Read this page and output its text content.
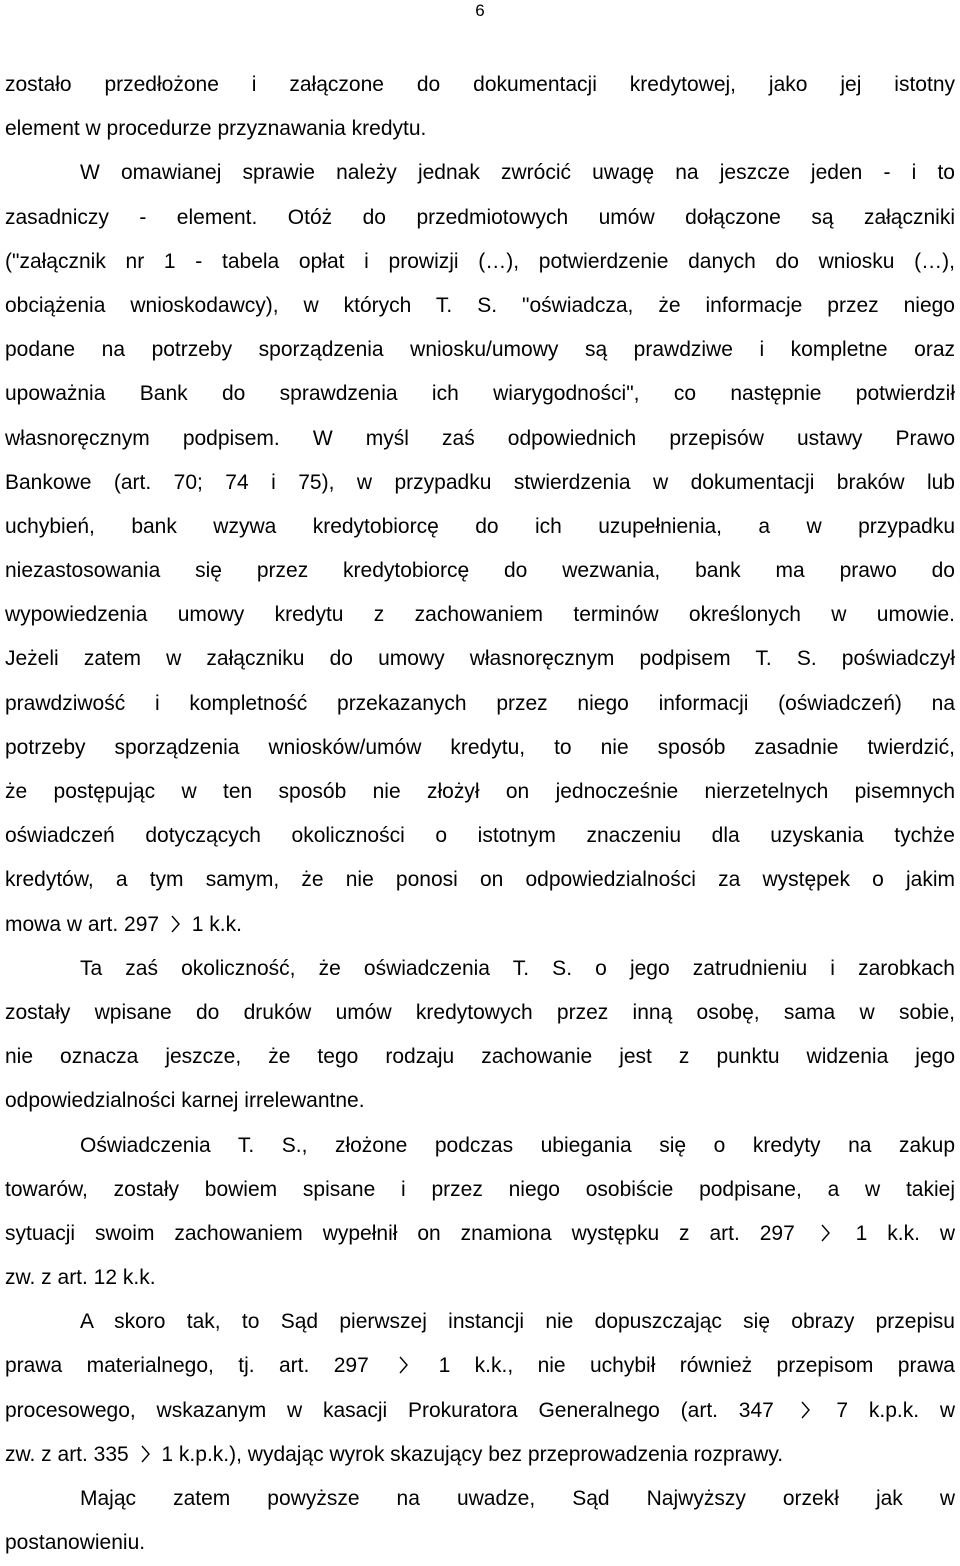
6
zostało przedłożone i załączone do dokumentacji kredytowej, jako jej istotny
element w procedurze przyznawania kredytu.
W omawianej sprawie należy jednak zwrócić uwagę na jeszcze jeden - i to
zasadniczy - element. Otóż do przedmiotowych umów dołączone są załączniki
("załącznik nr 1 - tabela opłat i prowizji (…), potwierdzenie danych do wniosku (…),
obciążenia wnioskodawcy), w których T. S. "oświadcza, że informacje przez niego
podane na potrzeby sporządzenia wniosku/umowy są prawdziwe i kompletne oraz
upoważnia Bank do sprawdzenia ich wiarygodności", co następnie potwierdził
własnoręcznym podpisem. W myśl zaś odpowiednich przepisów ustawy Prawo
Bankowe (art. 70; 74 i 75), w przypadku stwierdzenia w dokumentacji braków lub
uchybień, bank wzywa kredytobiorcę do ich uzupełnienia, a w przypadku
niezastosowania się przez kredytobiorcę do wezwania, bank ma prawo do
wypowiedzenia umowy kredytu z zachowaniem terminów określonych w umowie.
Jeżeli zatem w załączniku do umowy własnoręcznym podpisem T. S. poświadczył
prawdziwość i kompletność przekazanych przez niego informacji (oświadczeń) na
potrzeby sporządzenia wniosków/umów kredytu, to nie sposób zasadnie twierdzić,
że postępując w ten sposób nie złożył on jednocześnie nierzetelnych pisemnych
oświadczeń dotyczących okoliczności o istotnym znaczeniu dla uzyskania tychże
kredytów, a tym samym, że nie ponosi on odpowiedzialności za występek o jakim
mowa w art. 297 1 k.k.
Ta zaś okoliczność, że oświadczenia T. S. o jego zatrudnieniu i zarobkach
zostały wpisane do druków umów kredytowych przez inną osobę, sama w sobie,
nie oznacza jeszcze, że tego rodzaju zachowanie jest z punktu widzenia jego
odpowiedzialności karnej irrelewantne.
Oświadczenia T. S., złożone podczas ubiegania się o kredyty na zakup
towarów, zostały bowiem spisane i przez niego osobiście podpisane, a w takiej
sytuacji swoim zachowaniem wypełnił on znamiona występku z art. 297	1 k.k. w
zw. z art. 12 k.k.
A skoro tak, to Sąd pierwszej instancji nie dopuszczając się obrazy przepisu
prawa materialnego, tj. art. 297	1 k.k., nie uchybił również przepisom prawa
procesowego, wskazanym w kasacji Prokuratora Generalnego (art. 347	7 k.p.k. w
zw. z art. 335 1 k.p.k.), wydając wyrok skazujący bez przeprowadzenia rozprawy.
Mając zatem powyższe na uwadze, Sąd Najwyższy orzekł jak w
postanowieniu.
